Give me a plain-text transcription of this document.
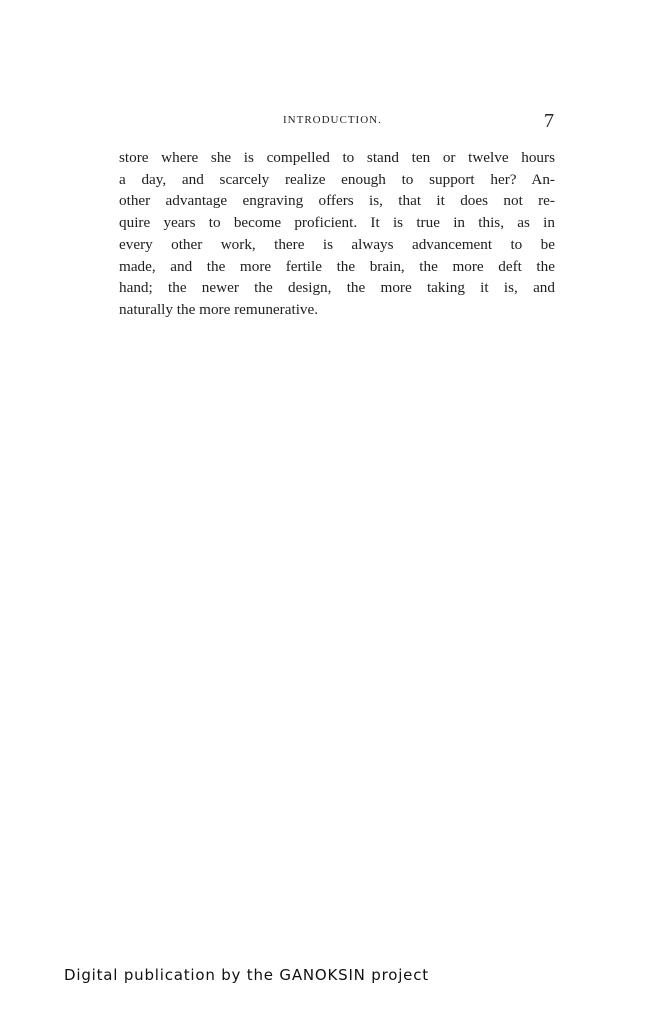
INTRODUCTION.	7
store where she is compelled to stand ten or twelve hours
a day, and scarcely realize enough to support her? An-
other advantage engraving offers is, that it does not re-
quire years to become proficient. It is true in this, as in
every other work, there is always advancement to be
made, and the more fertile the brain, the more deft the
hand; the newer the design, the more taking it is, and
naturally the more remunerative.
Digital publication by the GANOKSIN project
